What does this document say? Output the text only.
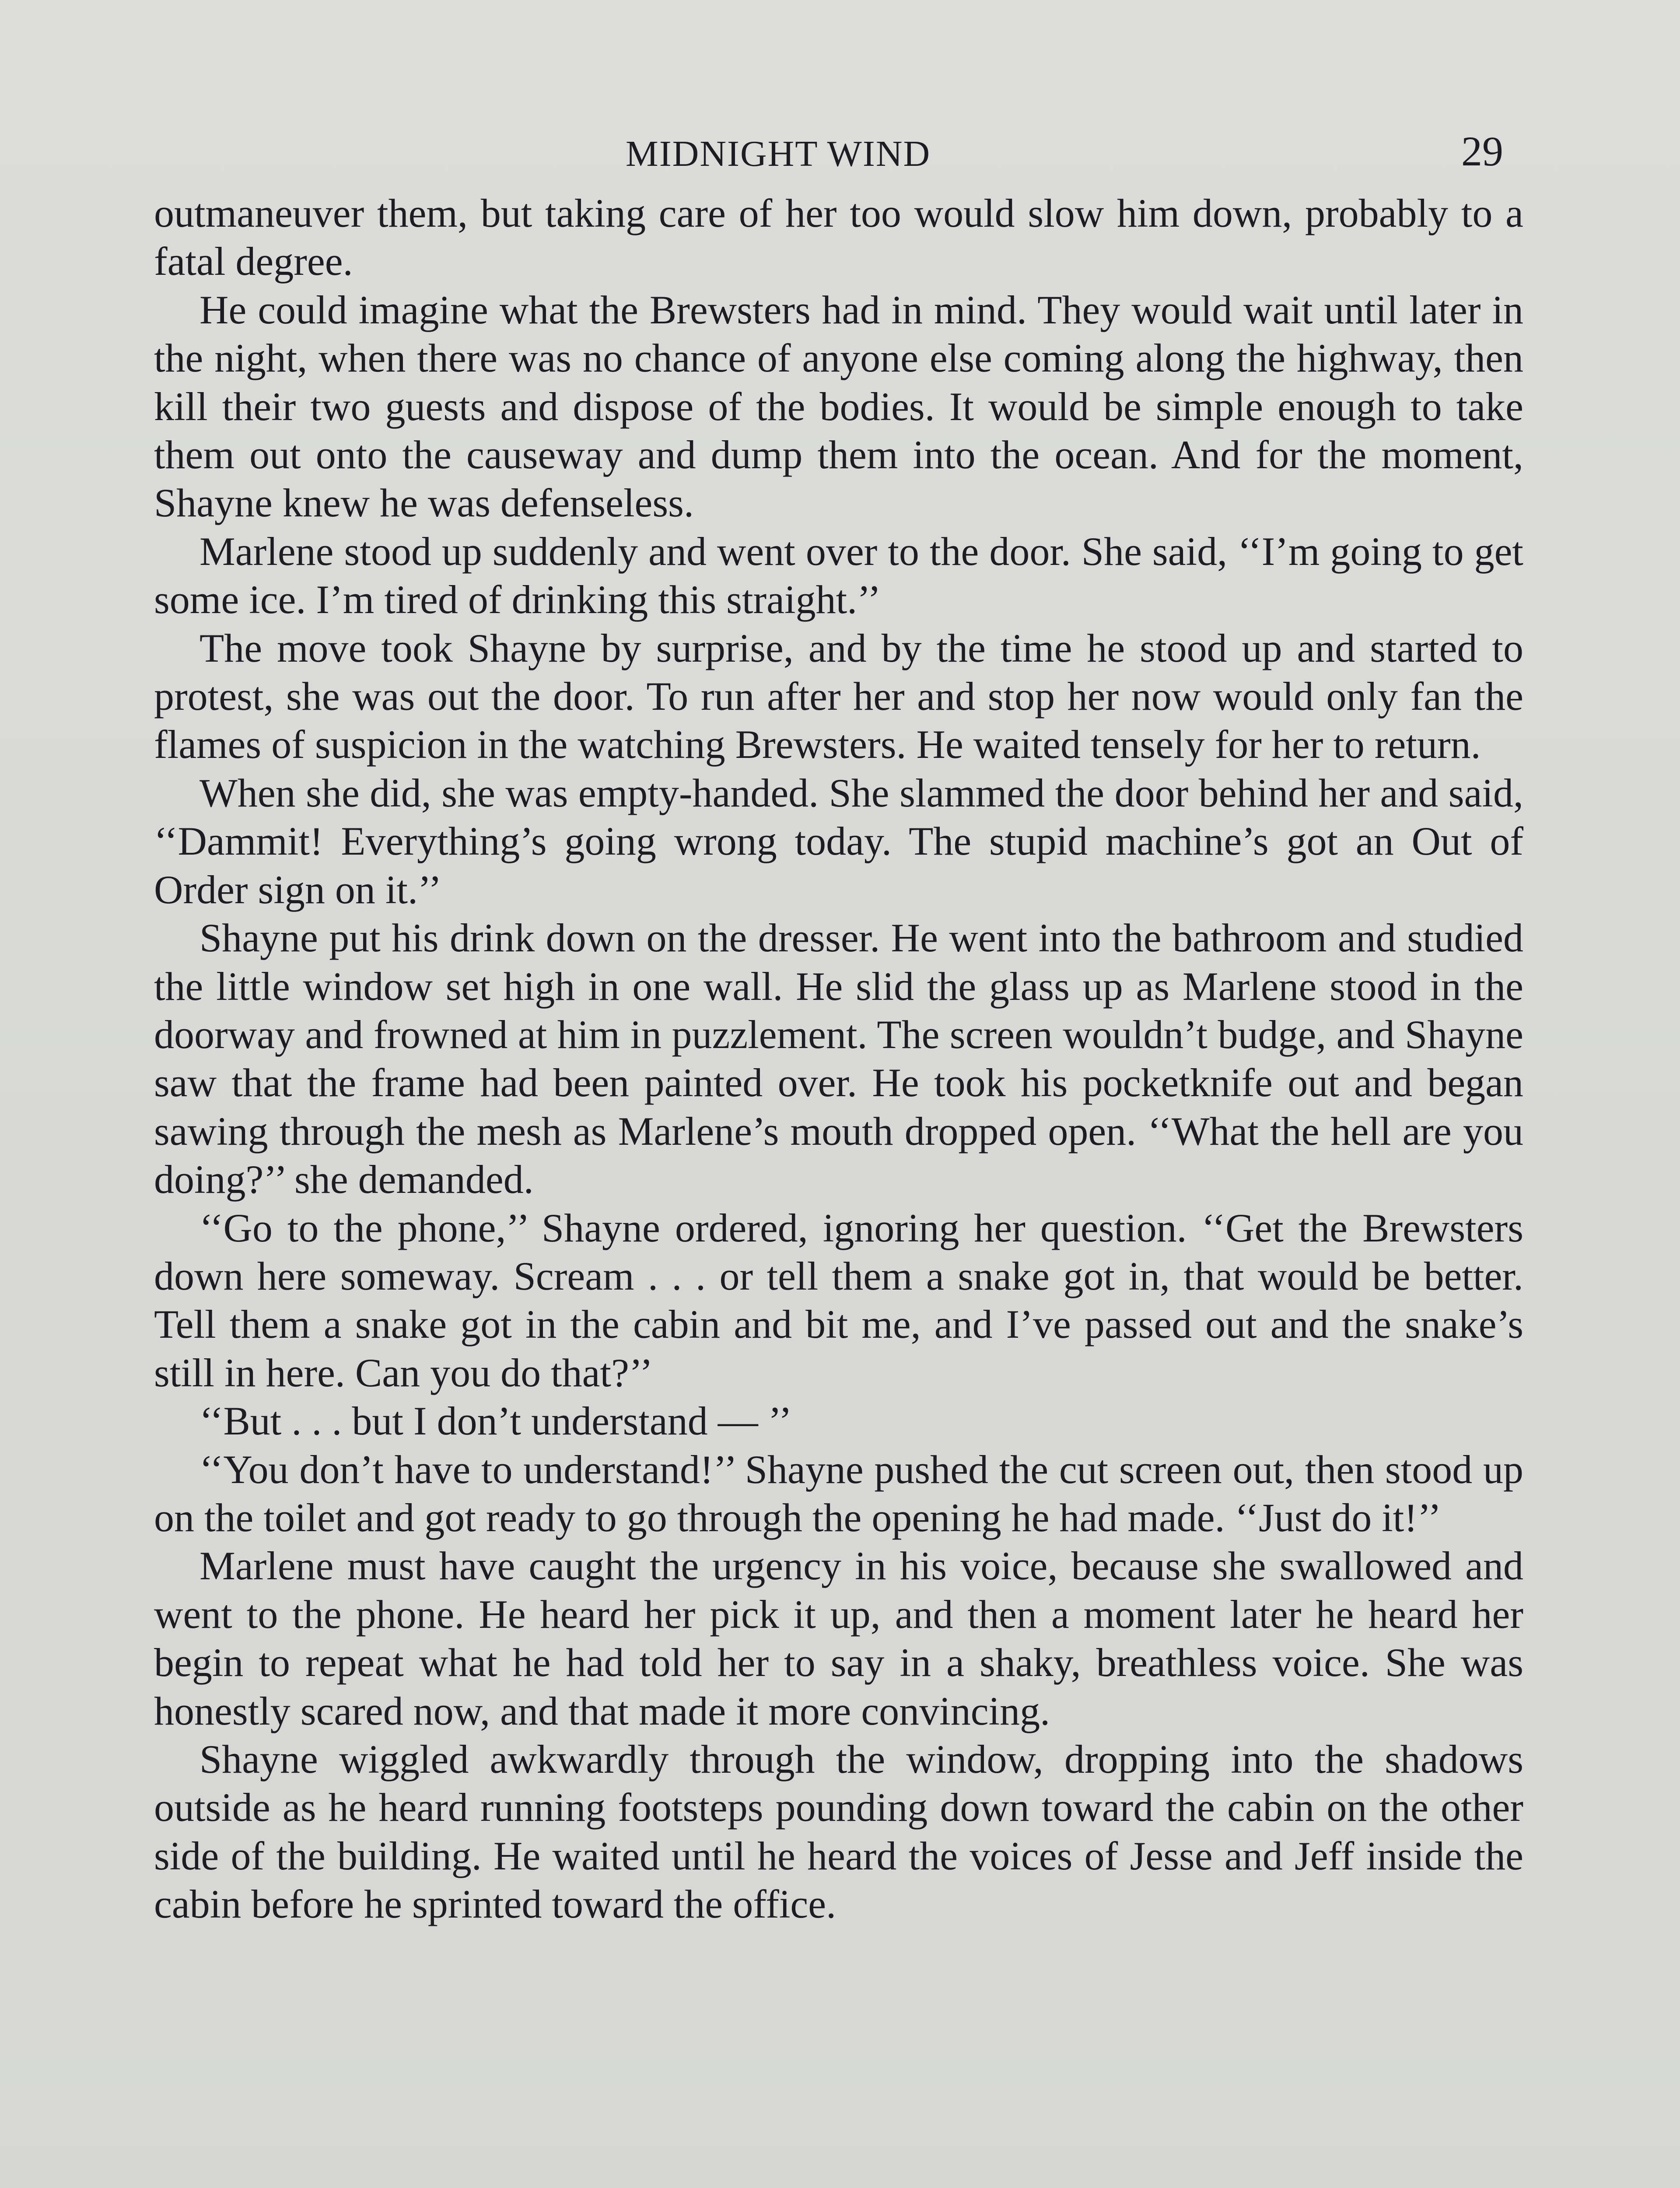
MIDNIGHT WIND	29

outmaneuver them, but taking care of her too would slow him down, probably to a fatal degree.

He could imagine what the Brewsters had in mind. They would wait until later in the night, when there was no chance of anyone else coming along the highway, then kill their two guests and dispose of the bodies. It would be simple enough to take them out onto the causeway and dump them into the ocean. And for the moment, Shayne knew he was defenseless.

Marlene stood up suddenly and went over to the door. She said, ‘‘I’m going to get some ice. I’m tired of drinking this straight.’’

The move took Shayne by surprise, and by the time he stood up and started to protest, she was out the door. To run after her and stop her now would only fan the flames of suspicion in the watching Brewsters. He waited tensely for her to return.

When she did, she was empty-handed. She slammed the door behind her and said, ‘‘Dammit! Everything’s going wrong today. The stupid machine’s got an Out of Order sign on it.’’

Shayne put his drink down on the dresser. He went into the bathroom and studied the little window set high in one wall. He slid the glass up as Marlene stood in the doorway and frowned at him in puzzlement. The screen wouldn’t budge, and Shayne saw that the frame had been painted over. He took his pocketknife out and began sawing through the mesh as Marlene’s mouth dropped open. ‘‘What the hell are you doing?’’ she demanded.

‘‘Go to the phone,’’ Shayne ordered, ignoring her question. ‘‘Get the Brewsters down here someway. Scream . . . or tell them a snake got in, that would be better. Tell them a snake got in the cabin and bit me, and I’ve passed out and the snake’s still in here. Can you do that?’’

‘‘But . . . but I don’t understand — ’’

‘‘You don’t have to understand!’’ Shayne pushed the cut screen out, then stood up on the toilet and got ready to go through the opening he had made. ‘‘Just do it!’’

Marlene must have caught the urgency in his voice, because she swallowed and went to the phone. He heard her pick it up, and then a moment later he heard her begin to repeat what he had told her to say in a shaky, breathless voice. She was honestly scared now, and that made it more convincing.

Shayne wiggled awkwardly through the window, dropping into the shadows outside as he heard running footsteps pounding down toward the cabin on the other side of the building. He waited until he heard the voices of Jesse and Jeff inside the cabin before he sprinted toward the office.
